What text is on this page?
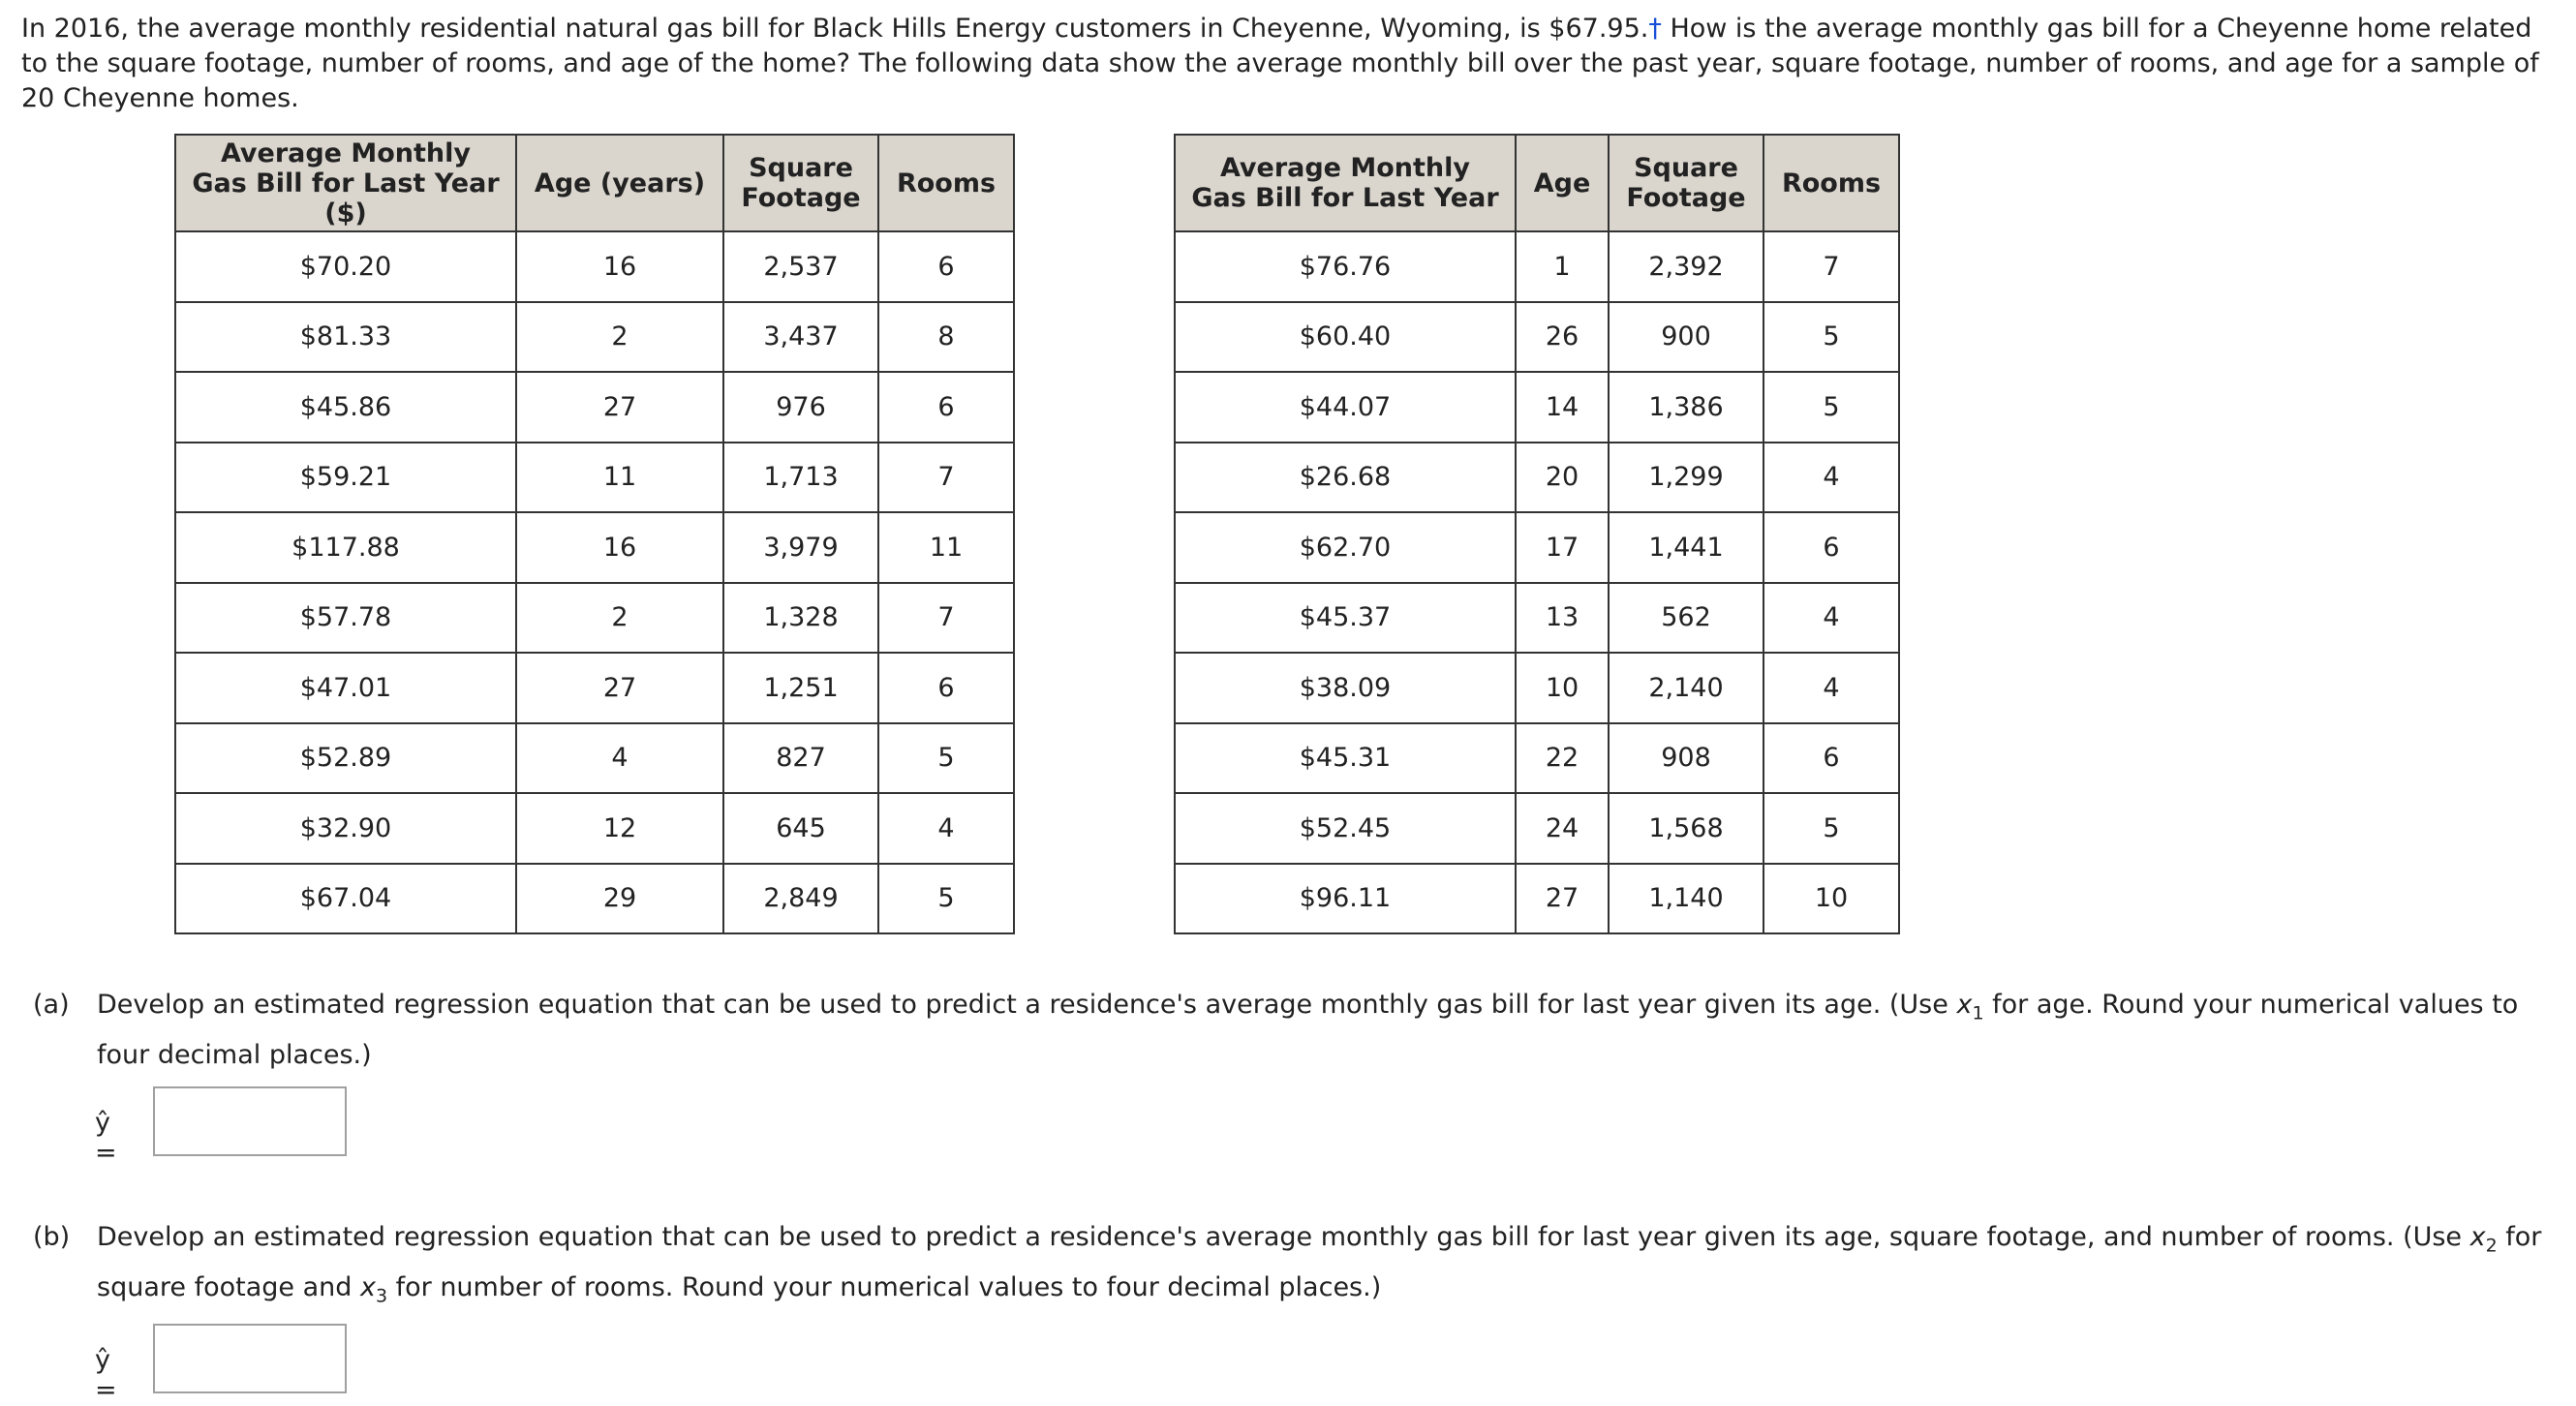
In 2016, the average monthly residential natural gas bill for Black Hills Energy customers in Cheyenne, Wyoming, is $67.95.† How is the average monthly gas bill for a Cheyenne home related to the square footage, number of rooms, and age of the home? The following data show the average monthly bill over the past year, square footage, number of rooms, and age for a sample of 20 Cheyenne homes.
Average Monthly Gas Bill for Last Year ($)	Age (years)	Square Footage	Rooms
$70.20	16	2,537	6
$81.33	2	3,437	8
$45.86	27	976	6
$59.21	11	1,713	7
$117.88	16	3,979	11
$57.78	2	1,328	7
$47.01	27	1,251	6
$52.89	4	827	5
$32.90	12	645	4
$67.04	29	2,849	5
Average Monthly Gas Bill for Last Year	Age	Square Footage	Rooms
$76.76	1	2,392	7
$60.40	26	900	5
$44.07	14	1,386	5
$26.68	20	1,299	4
$62.70	17	1,441	6
$45.37	13	562	4
$38.09	10	2,140	4
$45.31	22	908	6
$52.45	24	1,568	5
$96.11	27	1,140	10
(a) Develop an estimated regression equation that can be used to predict a residence's average monthly gas bill for last year given its age. (Use $x_1$ for age. Round your numerical values to four decimal places.)
ŷ =
(b) Develop an estimated regression equation that can be used to predict a residence's average monthly gas bill for last year given its age, square footage, and number of rooms. (Use $x_2$ for square footage and $x_3$ for number of rooms. Round your numerical values to four decimal places.)
ŷ =
